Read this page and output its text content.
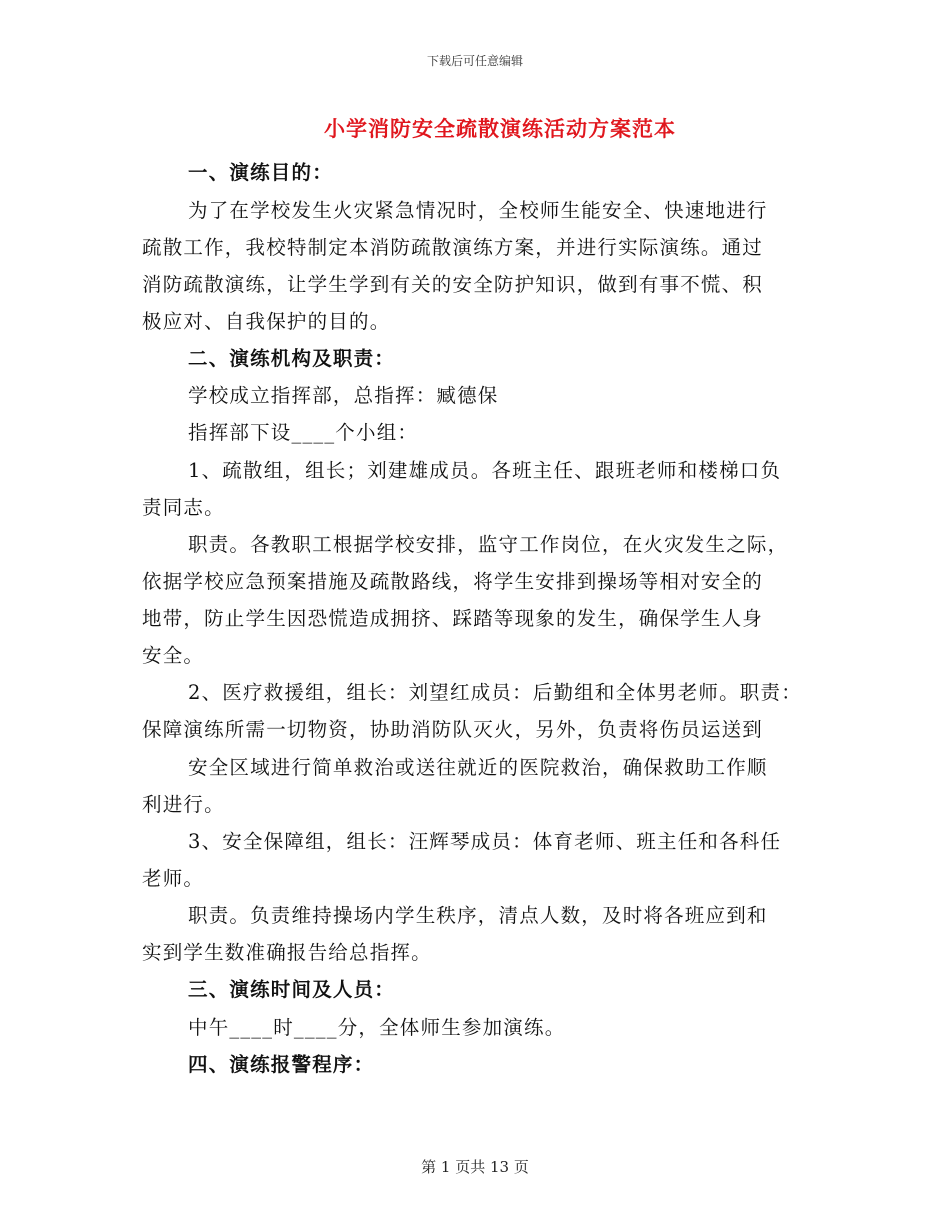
下载后可任意编辑
小学消防安全疏散演练活动方案范本
一、演练目的：
为了在学校发生火灾紧急情况时，全校师生能安全、快速地进行
疏散工作，我校特制定本消防疏散演练方案，并进行实际演练。通过
消防疏散演练，让学生学到有关的安全防护知识，做到有事不慌、积
极应对、自我保护的目的。
二、演练机构及职责：
学校成立指挥部，总指挥：臧德保
指挥部下设____个小组：
1、疏散组，组长；刘建雄成员。各班主任、跟班老师和楼梯口负
责同志。
职责。各教职工根据学校安排，监守工作岗位，在火灾发生之际，
依据学校应急预案措施及疏散路线，将学生安排到操场等相对安全的
地带，防止学生因恐慌造成拥挤、踩踏等现象的发生，确保学生人身
安全。
2、医疗救援组，组长：刘望红成员：后勤组和全体男老师。职责：
保障演练所需一切物资，协助消防队灭火，另外，负责将伤员运送到
安全区域进行简单救治或送往就近的医院救治，确保救助工作顺
利进行。
3、安全保障组，组长：汪辉琴成员：体育老师、班主任和各科任
老师。
职责。负责维持操场内学生秩序，清点人数，及时将各班应到和
实到学生数准确报告给总指挥。
三、演练时间及人员：
中午____时____分，全体师生参加演练。
四、演练报警程序：
第 1 页共 13 页
